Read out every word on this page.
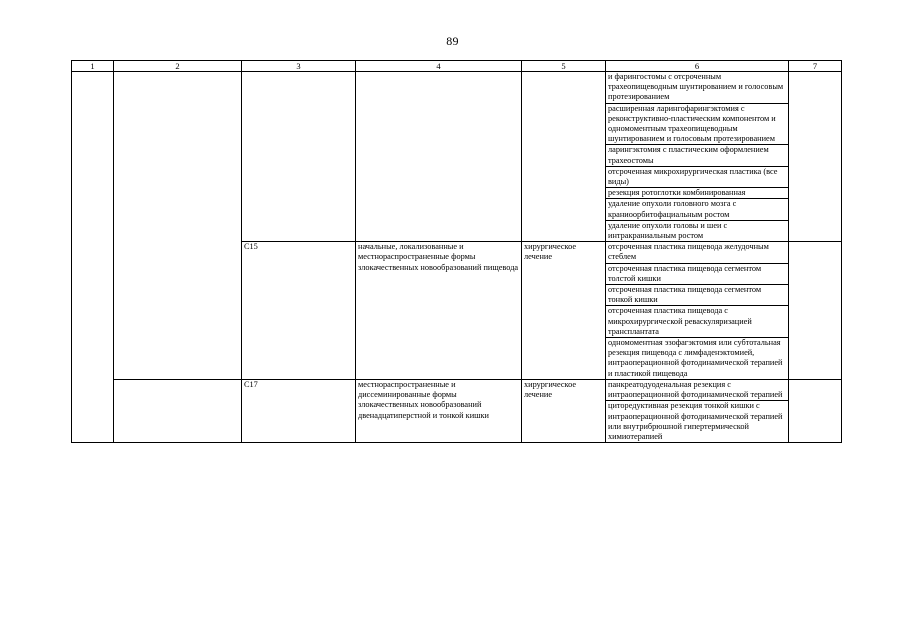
89
1	2	3	4	5	6	7
					и фарингостомы с отсроченным трахеопищеводным шунтированием и голосовым протезированием	
					расширенная ларингофарингэктомия с реконструктивно-пластическим компонентом и одномоментным трахеопищеводным шунтированием и голосовым протезированием	
					ларингэктомия с пластическим оформлением трахеостомы	
					отсроченная микрохирургическая пластика (все виды)	
					резекция ротоглотки комбинированная	
					удаление опухоли головного мозга с краниоорбитофациальным ростом	
					удаление опухоли головы и шеи с интракраниальным ростом	
		C15	начальные, локализованные и местнораспространенные формы злокачественных новообразований пищевода	хирургическое лечение	отсроченная пластика пищевода желудочным стеблем	
					отсроченная пластика пищевода сегментом толстой кишки	
					отсроченная пластика пищевода сегментом тонкой кишки	
					отсроченная пластика пищевода с микрохирургической реваскуляризацией трансплантата	
					одномоментная эзофагэктомия или субтотальная резекция пищевода с лимфаденэктомией, интраоперационной фотодинамической терапией и пластикой пищевода	
		C17	местнораспространенные и диссеминированные формы злокачественных новообразований двенадцатиперстной и тонкой кишки	хирургическое лечение	панкреатодуоденальная резекция с интраоперационной фотодинамической терапией	
					циторедуктивная резекция тонкой кишки с интраоперационной фотодинамической терапией или внутрибрюшной гипертермической химиотерапией	
